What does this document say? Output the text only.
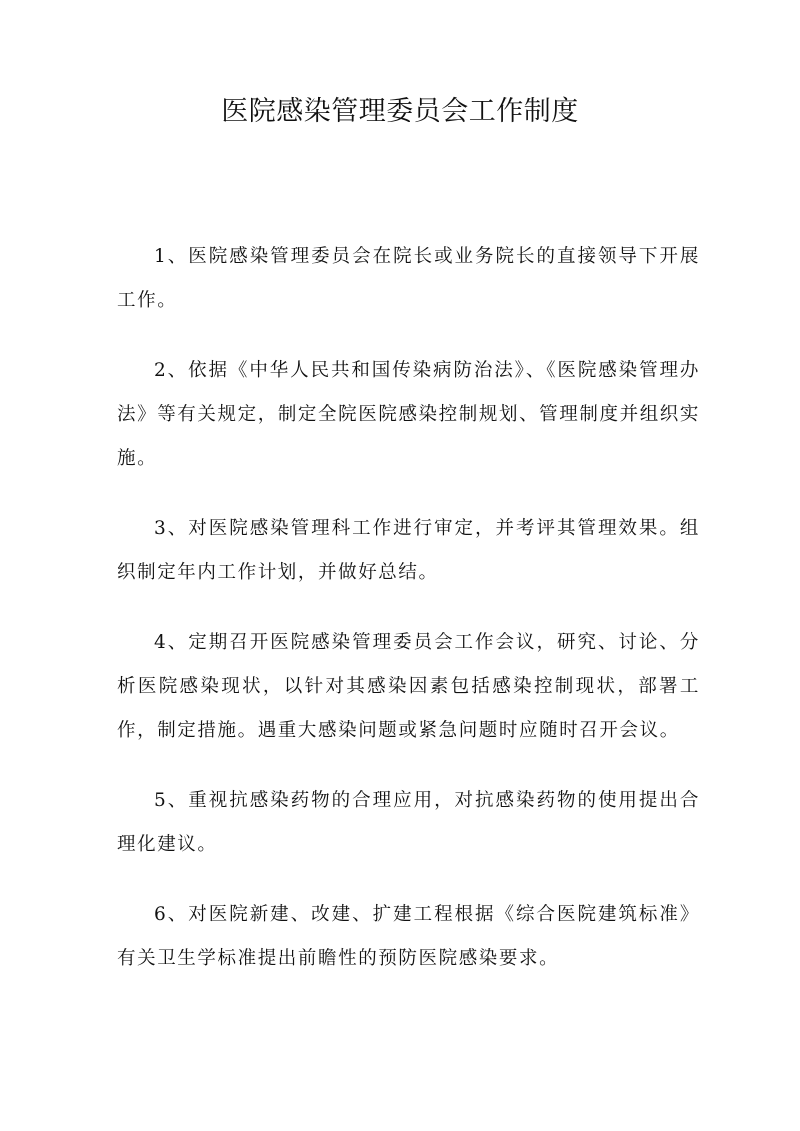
医院感染管理委员会工作制度

1、医院感染管理委员会在院长或业务院长的直接领导下开展工作。

2、依据《中华人民共和国传染病防治法》、《医院感染管理办法》等有关规定，制定全院医院感染控制规划、管理制度并组织实施。

3、对医院感染管理科工作进行审定，并考评其管理效果。组织制定年内工作计划，并做好总结。

4、定期召开医院感染管理委员会工作会议，研究、讨论、分析医院感染现状，以针对其感染因素包括感染控制现状，部署工作，制定措施。遇重大感染问题或紧急问题时应随时召开会议。

5、重视抗感染药物的合理应用，对抗感染药物的使用提出合理化建议。

6、对医院新建、改建、扩建工程根据《综合医院建筑标准》有关卫生学标准提出前瞻性的预防医院感染要求。
